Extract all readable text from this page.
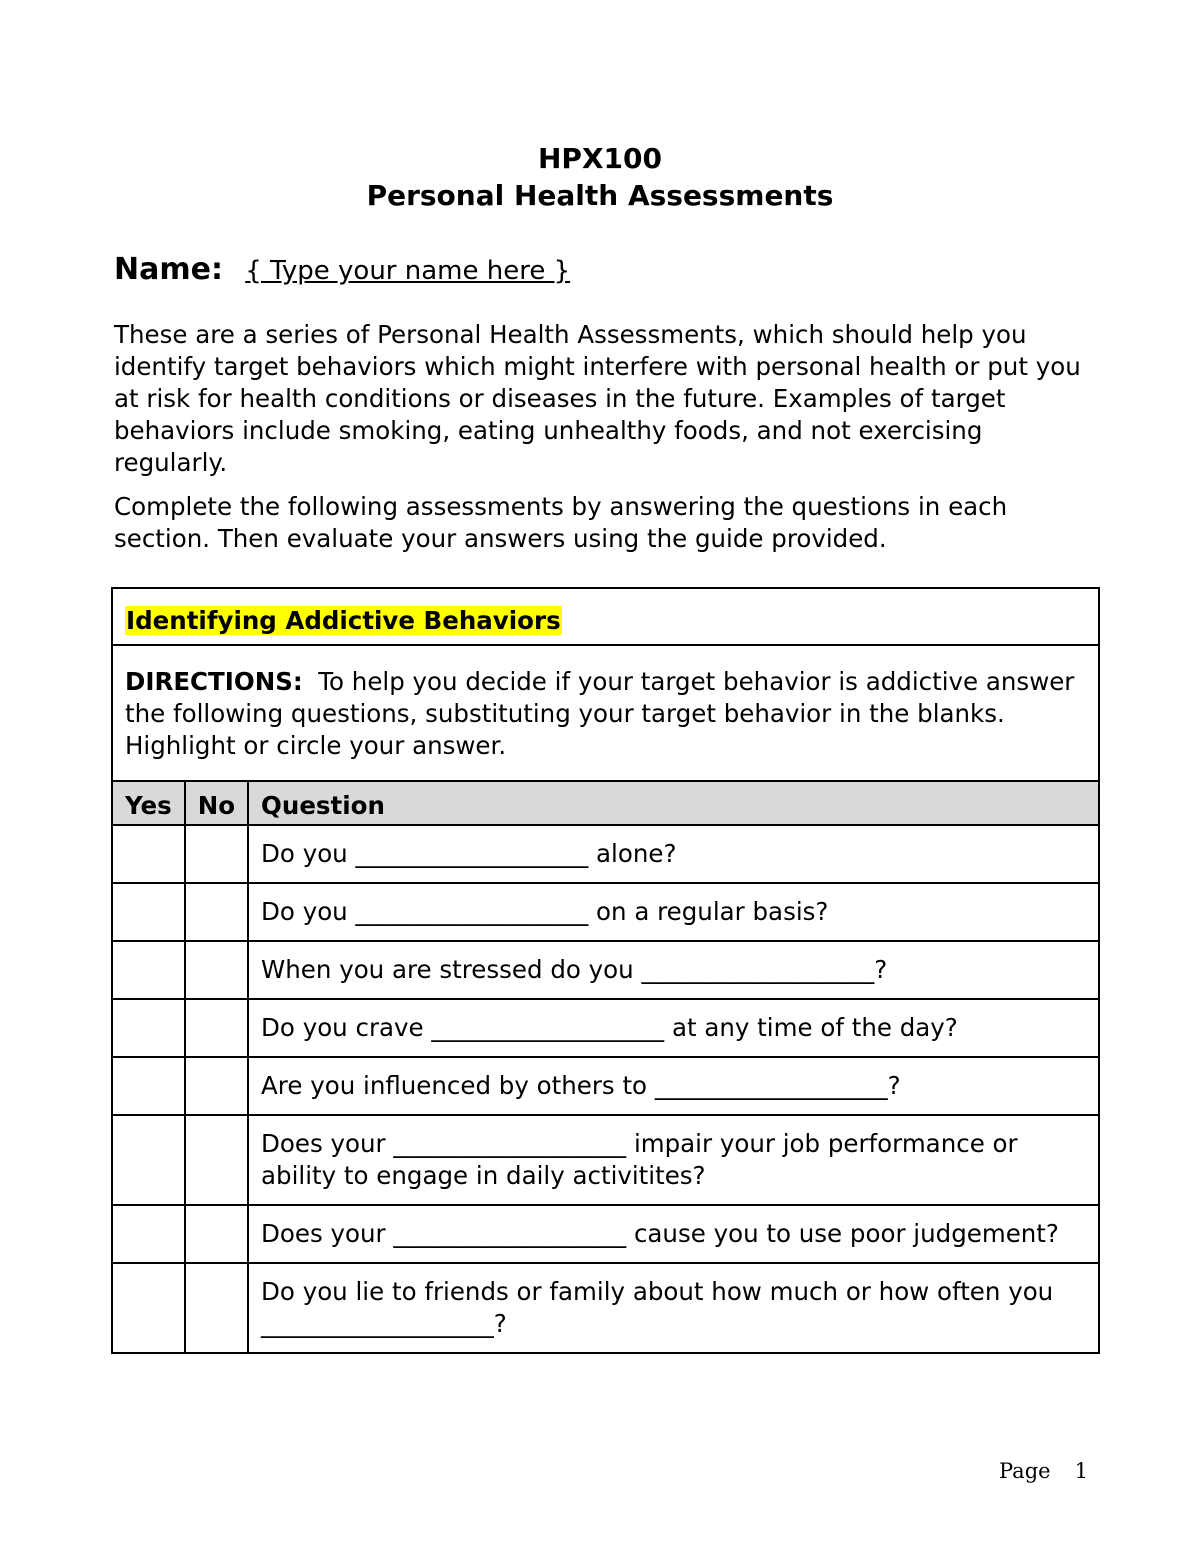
HPX100
Personal Health Assessments
Name: { Type your name here }

These are a series of Personal Health Assessments, which should help you identify target behaviors which might interfere with personal health or put you at risk for health conditions or diseases in the future. Examples of target behaviors include smoking, eating unhealthy foods, and not exercising regularly.

Complete the following assessments by answering the questions in each section. Then evaluate your answers using the guide provided.

Identifying Addictive Behaviors		
DIRECTIONS:  To help you decide if your target behavior is addictive answer the following questions, substituting your target behavior in the blanks.  Highlight or circle your answer.		
Yes	No	Question
		Do you ___________________ alone?
		Do you ___________________ on a regular basis?
		When you are stressed do you ___________________?
		Do you crave ___________________ at any time of the day?
		Are you influenced by others to ___________________?
		Does your ___________________ impair your job performance or ability to engage in daily activitites?
		Does your ___________________ cause you to use poor judgement?
		Do you lie to friends or family about how much or how often you ___________________?
Page 1
